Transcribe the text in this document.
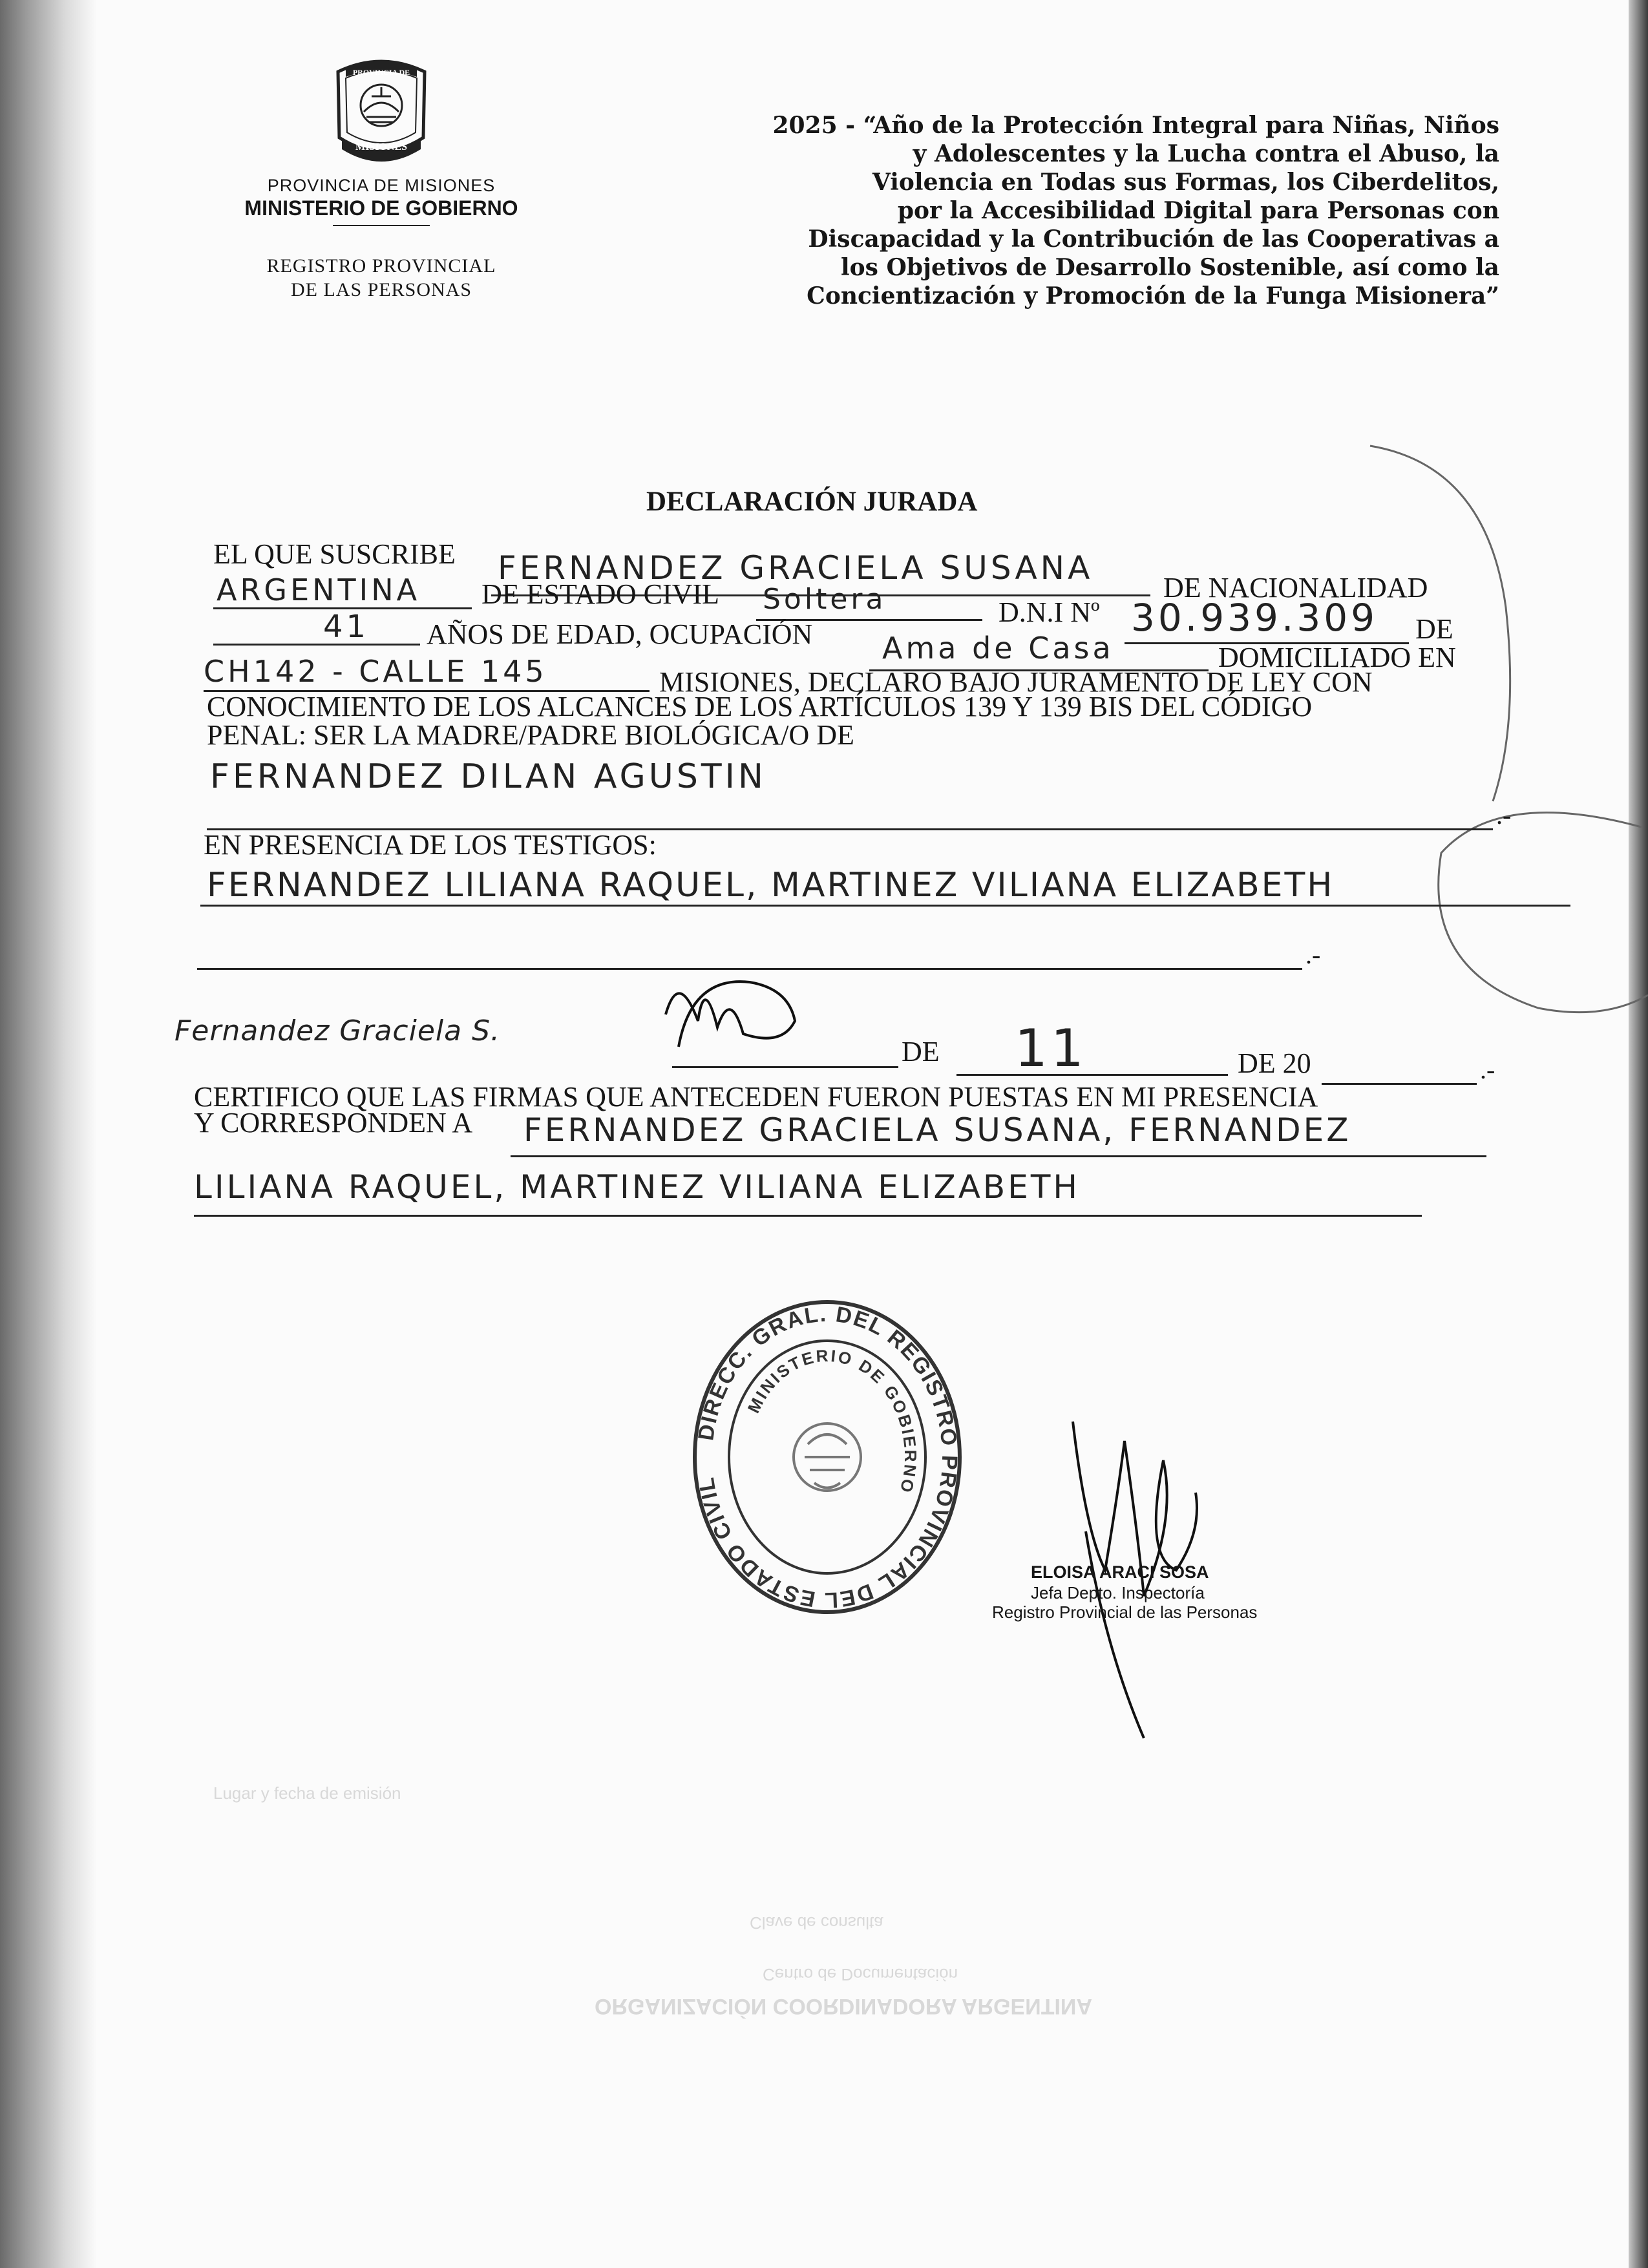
ORGANIZACIÓN COORDINADORA ARGENTINA
Centro de Documentación
Lugar y fecha de emisión
Clave de consulta
PROVINCIA DE
MISIONES
PROVINCIA DE MISIONES
MINISTERIO DE GOBIERNO
REGISTRO PROVINCIAL
DE LAS PERSONAS
2025 - “Año de la Protección Integral para Niñas, Niños
y Adolescentes y la Lucha contra el Abuso, la
Violencia en Todas sus Formas, los Ciberdelitos,
por la Accesibilidad Digital para Personas con
Discapacidad y la Contribución de las Cooperativas a
los Objetivos de Desarrollo Sostenible, así como la
Concientización y Promoción de la Funga Misionera”
DECLARACIÓN JURADA
EL QUE SUSCRIBE FERNANDEZ GRACIELA SUSANA
DE NACIONALIDAD
ARGENTINA DE ESTADO CIVIL Soltera	D.N.I Nº 30.939.309 DE
41 AÑOS DE EDAD, OCUPACIÓN Ama de Casa	DOMICILIADO EN
CH142 - CALLE 145	MISIONES, DECLARO BAJO JURAMENTO DE LEY CON
CONOCIMIENTO DE LOS ALCANCES DE LOS ARTÍCULOS 139 Y 139 BIS DEL CÓDIGO
PENAL: SER LA MADRE/PADRE BIOLÓGICA/O DE
FERNANDEZ DILAN AGUSTIN
.-
EN PRESENCIA DE LOS TESTIGOS:
FERNANDEZ LILIANA RAQUEL, MARTINEZ VILIANA ELIZABETH
.-
Fernandez Graciela S.
DE 11	DE 20	.-
CERTIFICO QUE LAS FIRMAS QUE ANTECEDEN FUERON PUESTAS EN MI PRESENCIA
Y CORRESPONDEN A FERNANDEZ GRACIELA SUSANA, FERNANDEZ
LILIANA RAQUEL, MARTINEZ VILIANA ELIZABETH
DIRECC. GRAL. DEL REGISTRO PROVINCIAL DEL ESTADO CIVIL
MINISTERIO DE GOBIERNO
ELOISA ARACI SOSA
Jefa Depto. Inspectoría
Registro Provincial de las Personas
